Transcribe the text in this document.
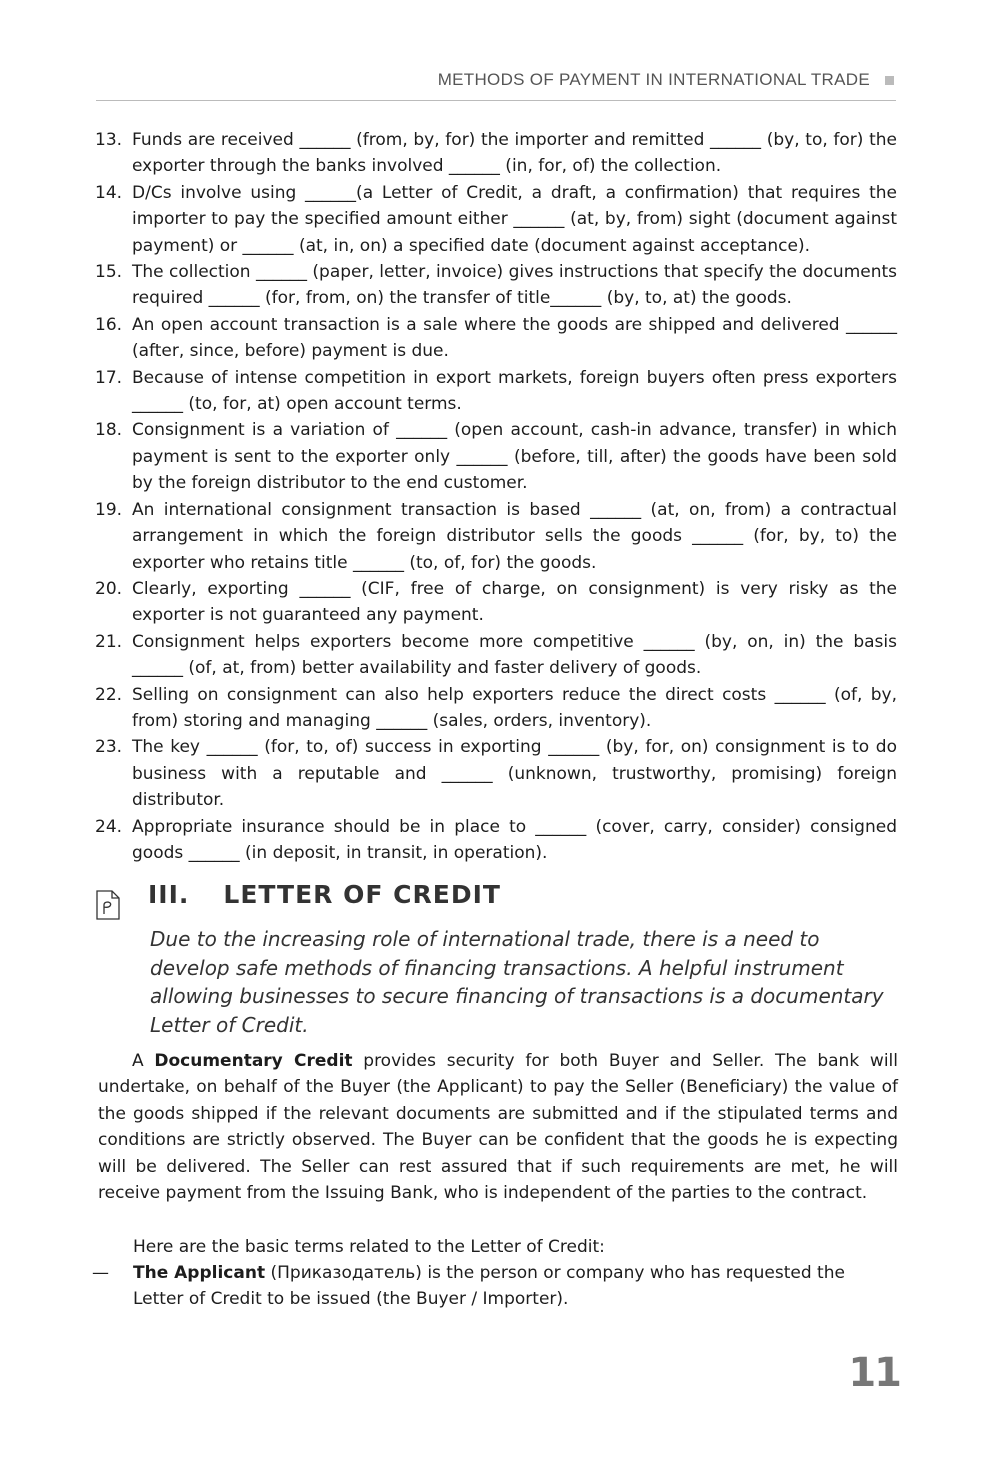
METHODS OF PAYMENT IN INTERNATIONAL TRADE
13. Funds are received ______ (from, by, for) the importer and remitted ______ (by, to, for) the exporter through the banks involved ______ (in, for, of) the collection.
14. D/Cs involve using ______(a Letter of Credit, a draft, a confirmation) that requires the importer to pay the specified amount either ______ (at, by, from) sight (document against payment) or ______ (at, in, on) a specified date (document against acceptance).
15. The collection ______ (paper, letter, invoice) gives instructions that specify the documents required ______ (for, from, on) the transfer of title______ (by, to, at) the goods.
16. An open account transaction is a sale where the goods are shipped and delivered ______ (after, since, before) payment is due.
17. Because of intense competition in export markets, foreign buyers often press exporters ______ (to, for, at) open account terms.
18. Consignment is a variation of ______ (open account, cash-in advance, transfer) in which payment is sent to the exporter only ______ (before, till, after) the goods have been sold by the foreign distributor to the end customer.
19. An international consignment transaction is based ______ (at, on, from) a contractual arrangement in which the foreign distributor sells the goods ______ (for, by, to) the exporter who retains title ______ (to, of, for) the goods.
20. Clearly, exporting ______ (CIF, free of charge, on consignment) is very risky as the exporter is not guaranteed any payment.
21. Consignment helps exporters become more competitive ______ (by, on, in) the basis ______ (of, at, from) better availability and faster delivery of goods.
22. Selling on consignment can also help exporters reduce the direct costs ______ (of, by, from) storing and managing ______ (sales, orders, inventory).
23. The key ______ (for, to, of) success in exporting ______ (by, for, on) consignment is to do business with a reputable and ______ (unknown, trustworthy, promising) foreign distributor.
24. Appropriate insurance should be in place to ______ (cover, carry, consider) consigned goods ______ (in deposit, in transit, in operation).
III. LETTER OF CREDIT
Due to the increasing role of international trade, there is a need to develop safe methods of financing transactions. A helpful instrument allowing businesses to secure financing of transactions is a documentary Letter of Credit.
A Documentary Credit provides security for both Buyer and Seller. The bank will undertake, on behalf of the Buyer (the Applicant) to pay the Seller (Beneficiary) the value of the goods shipped if the relevant documents are submitted and if the stipulated terms and conditions are strictly observed. The Buyer can be confident that the goods he is expecting will be delivered. The Seller can rest assured that if such requirements are met, he will receive payment from the Issuing Bank, who is independent of the parties to the contract.
Here are the basic terms related to the Letter of Credit:
—	The Applicant (Приказодатель) is the person or company who has requested the Letter of Credit to be issued (the Buyer / Importer).
11
